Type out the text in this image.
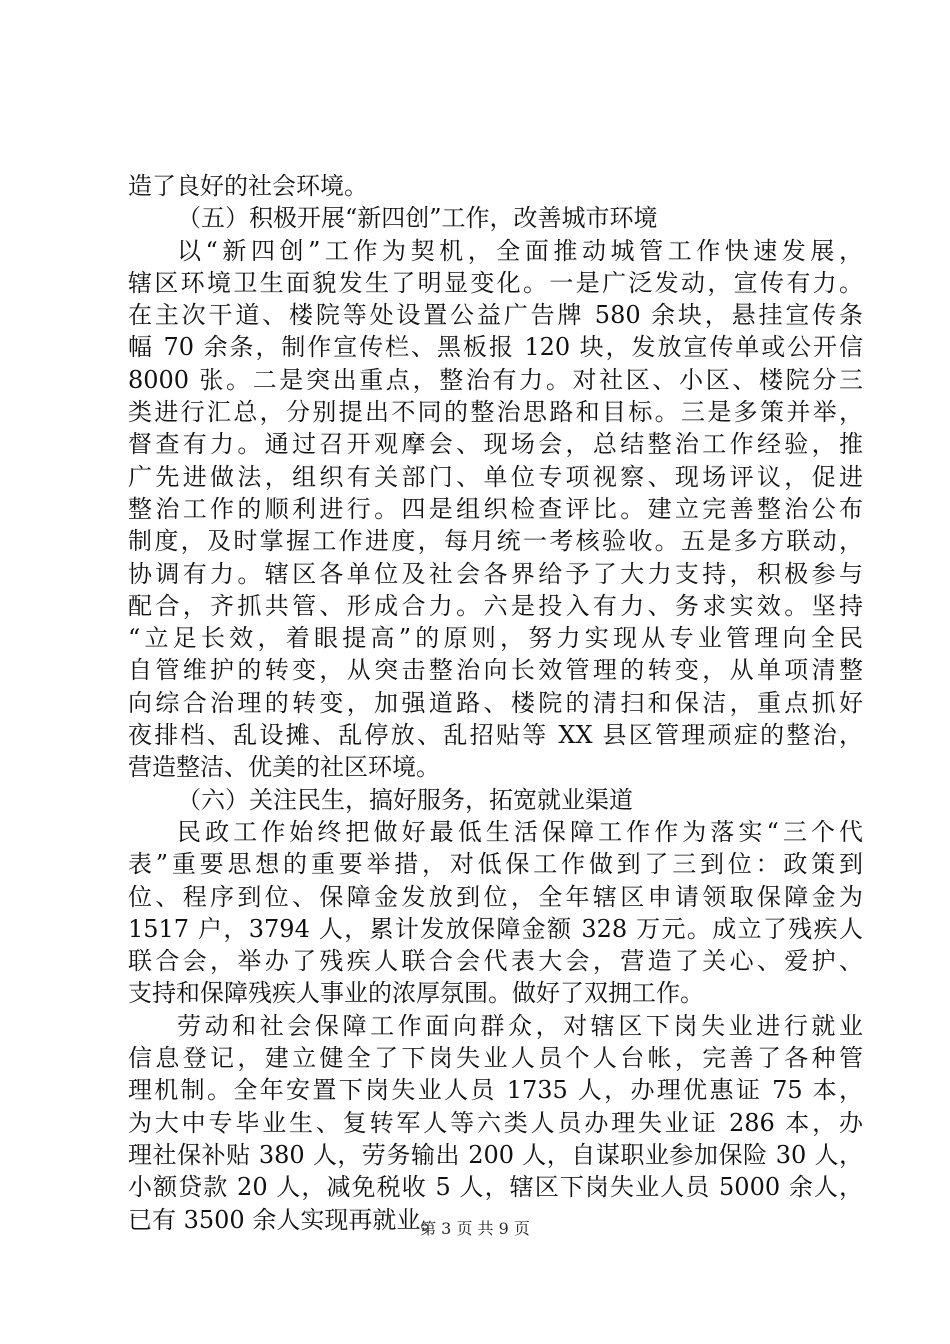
造了良好的社会环境。
（五）积极开展“新四创”工作，改善城市环境
以“新四创”工作为契机，全面推动城管工作快速发展，
辖区环境卫生面貌发生了明显变化。一是广泛发动，宣传有力。
在主次干道、楼院等处设置公益广告牌 580 余块，悬挂宣传条
幅 70 余条，制作宣传栏、黑板报 120 块，发放宣传单或公开信
8000 张。二是突出重点，整治有力。对社区、小区、楼院分三
类进行汇总，分别提出不同的整治思路和目标。三是多策并举，
督查有力。通过召开观摩会、现场会，总结整治工作经验，推
广先进做法，组织有关部门、单位专项视察、现场评议，促进
整治工作的顺利进行。四是组织检查评比。建立完善整治公布
制度，及时掌握工作进度，每月统一考核验收。五是多方联动，
协调有力。辖区各单位及社会各界给予了大力支持，积极参与
配合，齐抓共管、形成合力。六是投入有力、务求实效。坚持
“立足长效，着眼提高”的原则，努力实现从专业管理向全民
自管维护的转变，从突击整治向长效管理的转变，从单项清整
向综合治理的转变，加强道路、楼院的清扫和保洁，重点抓好
夜排档、乱设摊、乱停放、乱招贴等 XX 县区管理顽症的整治，
营造整洁、优美的社区环境。
（六）关注民生，搞好服务，拓宽就业渠道
民政工作始终把做好最低生活保障工作作为落实“三个代
表”重要思想的重要举措，对低保工作做到了三到位：政策到
位、程序到位、保障金发放到位，全年辖区申请领取保障金为
1517 户，3794 人，累计发放保障金额 328 万元。成立了残疾人
联合会，举办了残疾人联合会代表大会，营造了关心、爱护、
支持和保障残疾人事业的浓厚氛围。做好了双拥工作。
劳动和社会保障工作面向群众，对辖区下岗失业进行就业
信息登记，建立健全了下岗失业人员个人台帐，完善了各种管
理机制。全年安置下岗失业人员 1735 人，办理优惠证 75 本，
为大中专毕业生、复转军人等六类人员办理失业证 286 本，办
理社保补贴 380 人，劳务输出 200 人，自谋职业参加保险 30 人，
小额贷款 20 人，减免税收 5 人，辖区下岗失业人员 5000 余人，
已有 3500 余人实现再就业。
第 3 页 共 9 页
